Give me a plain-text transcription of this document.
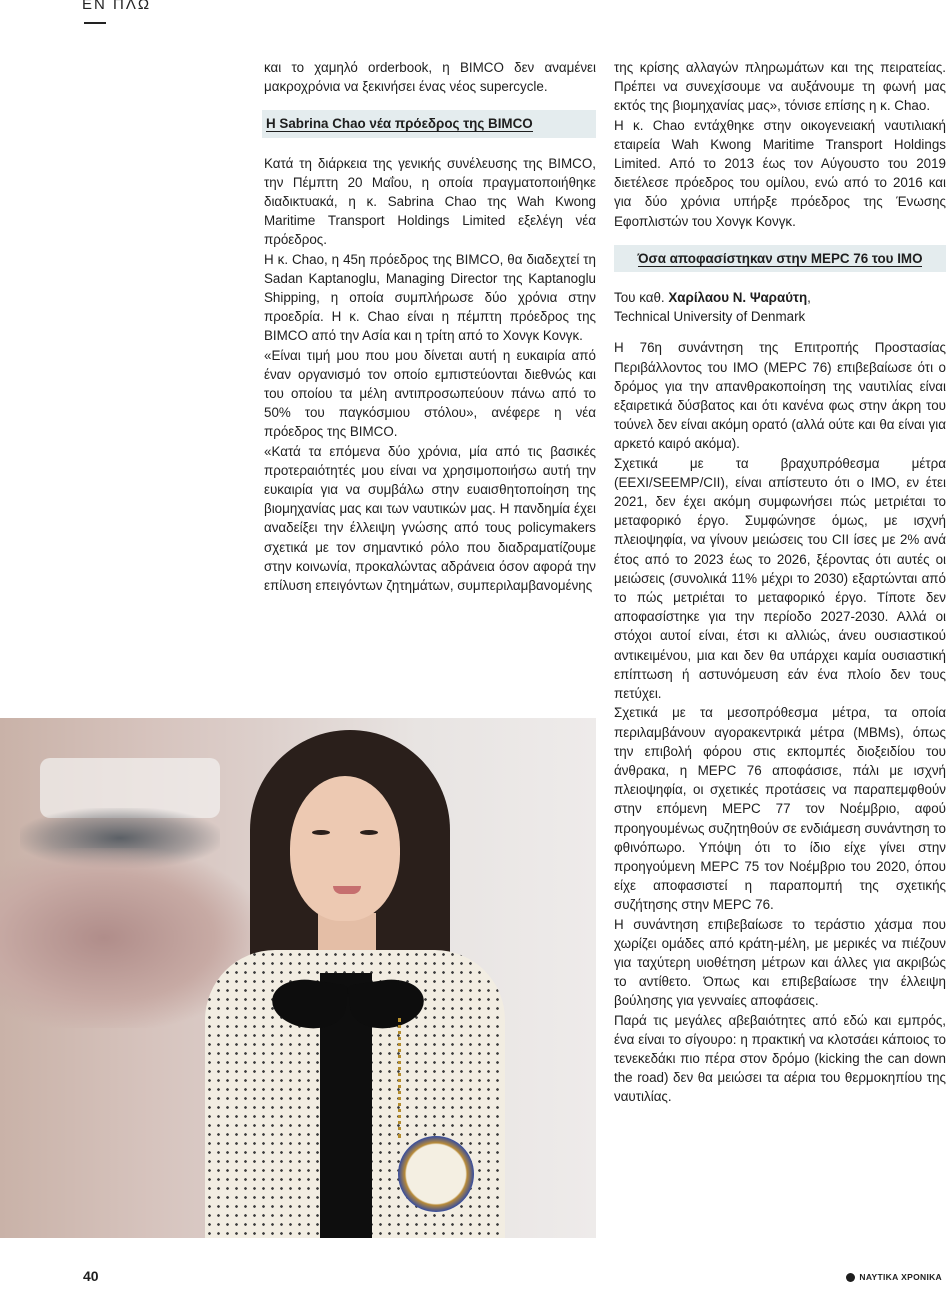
ΕΝ ΠΛΩ

και το χαμηλό orderbook, η BIMCO δεν αναμένει μακροχρόνια να ξεκινήσει ένας νέος supercycle.

Η Sabrina Chao νέα πρόεδρος της BIMCO

Κατά τη διάρκεια της γενικής συνέλευσης της BIMCO, την Πέμπτη 20 Μαΐου, η οποία πραγματοποιήθηκε διαδικτυακά, η κ. Sabrina Chao της Wah Kwong Maritime Transport Holdings Limited εξελέγη νέα πρόεδρος.

Η κ. Chao, η 45η πρόεδρος της BIMCO, θα διαδεχτεί τη Sadan Kaptanoglu, Managing Director της Kaptanoglu Shipping, η οποία συμπλήρωσε δύο χρόνια στην προεδρία. Η κ. Chao είναι η πέμπτη πρόεδρος της BIMCO από την Ασία και η τρίτη από το Χονγκ Κονγκ.

«Είναι τιμή μου που μου δίνεται αυτή η ευκαιρία από έναν οργανισμό τον οποίο εμπιστεύονται διεθνώς και του οποίου τα μέλη αντιπροσωπεύουν πάνω από το 50% του παγκόσμιου στόλου», ανέφερε η νέα πρόεδρος της BIMCO.

«Κατά τα επόμενα δύο χρόνια, μία από τις βασικές προτεραιότητές μου είναι να χρησιμοποιήσω αυτή την ευκαιρία για να συμβάλω στην ευαισθητοποίηση της βιομηχανίας μας και των ναυτικών μας. Η πανδημία έχει αναδείξει την έλλειψη γνώσης από τους policymakers σχετικά με τον σημαντικό ρόλο που διαδραματίζουμε στην κοινωνία, προκαλώντας αδράνεια όσον αφορά την επίλυση επειγόντων ζητημάτων, συμπεριλαμβανομένης

της κρίσης αλλαγών πληρωμάτων και της πειρατείας. Πρέπει να συνεχίσουμε να αυξάνουμε τη φωνή μας εκτός της βιομηχανίας μας», τόνισε επίσης η κ. Chao.

Η κ. Chao εντάχθηκε στην οικογενειακή ναυτιλιακή εταιρεία Wah Kwong Maritime Transport Holdings Limited. Από το 2013 έως τον Αύγουστο του 2019 διετέλεσε πρόεδρος του ομίλου, ενώ από το 2016 και για δύο χρόνια υπήρξε πρόεδρος της Ένωσης Εφοπλιστών του Χονγκ Κονγκ.

Όσα αποφασίστηκαν στην MEPC 76 του IMO

Του καθ. Χαρίλαου Ν. Ψαραύτη,

Technical University of Denmark

Η 76η συνάντηση της Επιτροπής Προστασίας Περιβάλλοντος του IMO (MEPC 76) επιβεβαίωσε ότι ο δρόμος για την απανθρακοποίηση της ναυτιλίας είναι εξαιρετικά δύσβατος και ότι κανένα φως στην άκρη του τούνελ δεν είναι ακόμη ορατό (αλλά ούτε και θα είναι για αρκετό καιρό ακόμα).

Σχετικά με τα βραχυπρόθεσμα μέτρα (EEXI/SEEMP/CII), είναι απίστευτο ότι ο IMO, εν έτει 2021, δεν έχει ακόμη συμφωνήσει πώς μετριέται το μεταφορικό έργο. Συμφώνησε όμως, με ισχνή πλειοψηφία, να γίνουν μειώσεις του CII ίσες με 2% ανά έτος από το 2023 έως το 2026, ξέροντας ότι αυτές οι μειώσεις (συνολικά 11% μέχρι το 2030) εξαρτώνται από το πώς μετριέται το μεταφορικό έργο. Τίποτε δεν αποφασίστηκε για την περίοδο 2027-2030. Αλλά οι στόχοι αυτοί είναι, έτσι κι αλλιώς, άνευ ουσιαστικού αντικειμένου, μια και δεν θα υπάρχει καμία ουσιαστική επίπτωση ή αστυνόμευση εάν ένα πλοίο δεν τους πετύχει.

Σχετικά με τα μεσοπρόθεσμα μέτρα, τα οποία περιλαμβάνουν αγορακεντρικά μέτρα (MBMs), όπως την επιβολή φόρου στις εκπομπές διοξειδίου του άνθρακα, η MEPC 76 αποφάσισε, πάλι με ισχνή πλειοψηφία, οι σχετικές προτάσεις να παραπεμφθούν στην επόμενη MEPC 77 τον Νοέμβριο, αφού προηγουμένως συζητηθούν σε ενδιάμεση συνάντηση το φθινόπωρο. Υπόψη ότι το ίδιο είχε γίνει στην προηγούμενη MEPC 75 τον Νοέμβριο του 2020, όπου είχε αποφασιστεί η παραπομπή της σχετικής συζήτησης στην MEPC 76.

Η συνάντηση επιβεβαίωσε το τεράστιο χάσμα που χωρίζει ομάδες από κράτη-μέλη, με μερικές να πιέζουν για ταχύτερη υιοθέτηση μέτρων και άλλες για ακριβώς το αντίθετο. Όπως και επιβεβαίωσε την έλλειψη βούλησης για γενναίες αποφάσεις.

Παρά τις μεγάλες αβεβαιότητες από εδώ και εμπρός, ένα είναι το σίγουρο: η πρακτική να κλοτσάει κάποιος το τενεκεδάκι πιο πέρα στον δρόμο (kicking the can down the road) δεν θα μειώσει τα αέρια του θερμοκηπίου της ναυτιλίας.

40	ΝΑΥΤΙΚΑ ΧΡΟΝΙΚΑ
